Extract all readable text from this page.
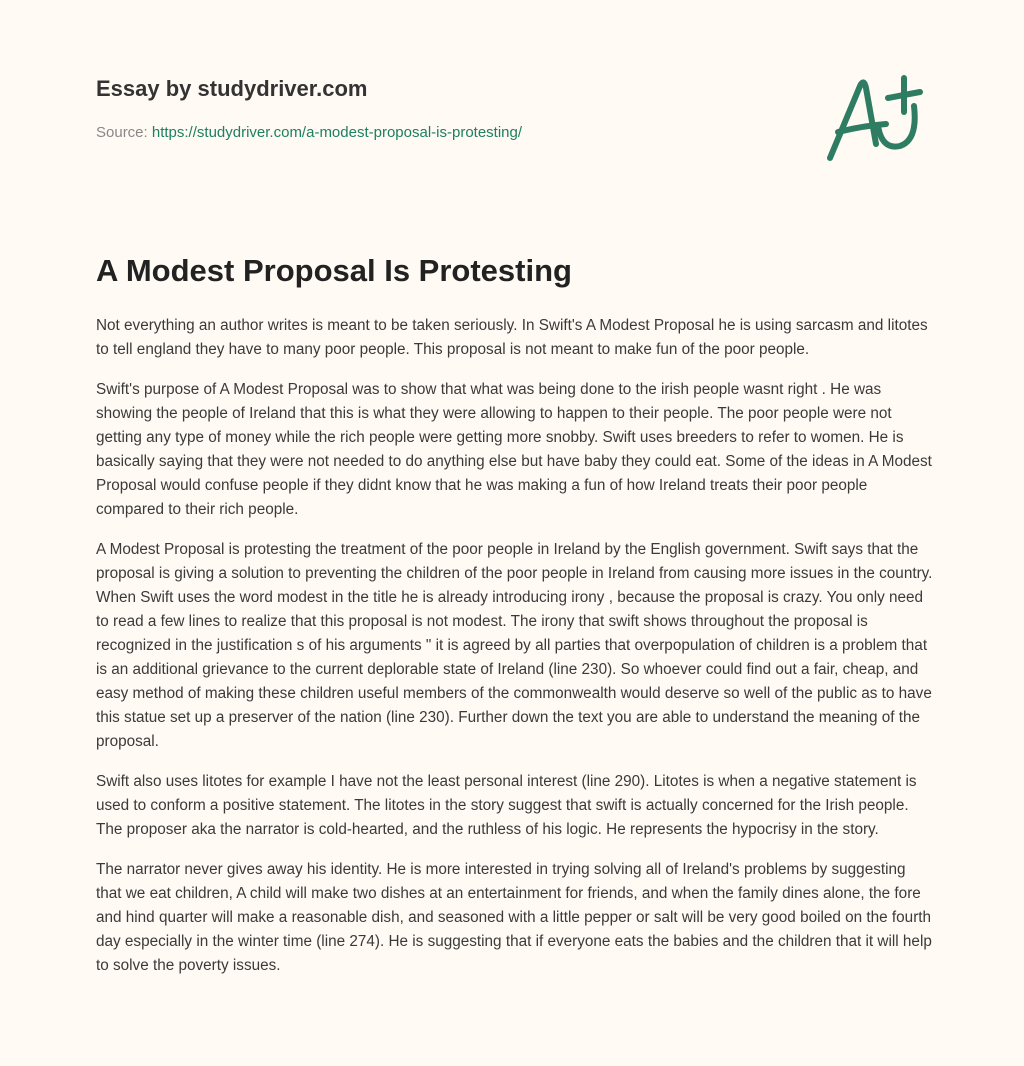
Essay by studydriver.com
Source: https://studydriver.com/a-modest-proposal-is-protesting/
A Modest Proposal Is Protesting

Not everything an author writes is meant to be taken seriously. In Swift's A Modest Proposal he is using sarcasm and litotes to tell england they have to many poor people. This proposal is not meant to make fun of the poor people.

Swift's purpose of A Modest Proposal was to show that what was being done to the irish people wasnt right . He was showing the people of Ireland that this is what they were allowing to happen to their people. The poor people were not getting any type of money while the rich people were getting more snobby. Swift uses breeders to refer to women. He is basically saying that they were not needed to do anything else but have baby they could eat. Some of the ideas in A Modest Proposal would confuse people if they didnt know that he was making a fun of how Ireland treats their poor people compared to their rich people.

A Modest Proposal is protesting the treatment of the poor people in Ireland by the English government. Swift says that the proposal is giving a solution to preventing the children of the poor people in Ireland from causing more issues in the country. When Swift uses the word modest in the title he is already introducing irony , because the proposal is crazy. You only need to read a few lines to realize that this proposal is not modest. The irony that swift shows throughout the proposal is recognized in the justification s of his arguments " it is agreed by all parties that overpopulation of children is a problem that is an additional grievance to the current deplorable state of Ireland (line 230). So whoever could find out a fair, cheap, and easy method of making these children useful members of the commonwealth would deserve so well of the public as to have this statue set up a preserver of the nation (line 230). Further down the text you are able to understand the meaning of the proposal.

Swift also uses litotes for example I have not the least personal interest (line 290). Litotes is when a negative statement is used to conform a positive statement. The litotes in the story suggest that swift is actually concerned for the Irish people. The proposer aka the narrator is cold-hearted, and the ruthless of his logic. He represents the hypocrisy in the story.

The narrator never gives away his identity. He is more interested in trying solving all of Ireland's problems by suggesting that we eat children, A child will make two dishes at an entertainment for friends, and when the family dines alone, the fore and hind quarter will make a reasonable dish, and seasoned with a little pepper or salt will be very good boiled on the fourth day especially in the winter time (line 274). He is suggesting that if everyone eats the babies and the children that it will help to solve the poverty issues.
